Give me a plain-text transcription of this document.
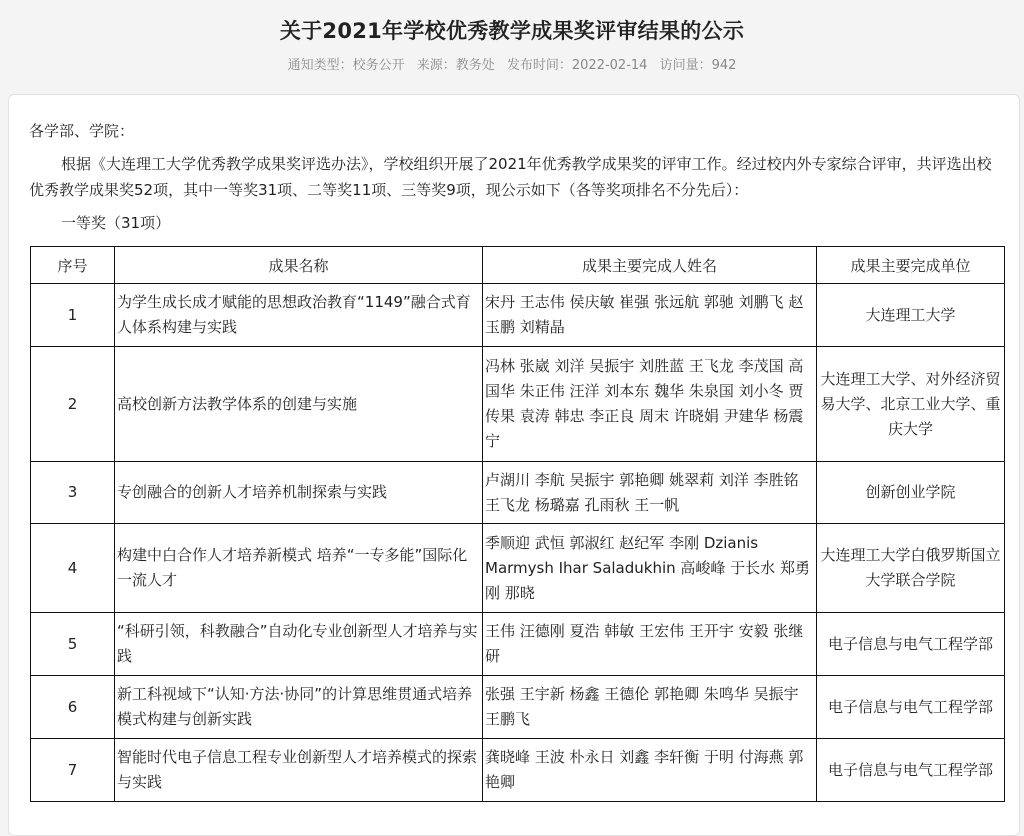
关于2021年学校优秀教学成果奖评审结果的公示
通知类型：校务公开 来源：教务处 发布时间：2022-02-14 访问量：942
各学部、学院：
根据《大连理工大学优秀教学成果奖评选办法》，学校组织开展了2021年优秀教学成果奖的评审工作。经过校内外专家综合评审，共评选出校优秀教学成果奖52项，其中一等奖31项、二等奖11项、三等奖9项，现公示如下（各等奖项排名不分先后）：
一等奖（31项）
序号	成果名称	成果主要完成人姓名	成果主要完成单位
1	为学生成长成才赋能的思想政治教育“1149”融合式育人体系构建与实践	宋丹 王志伟 侯庆敏 崔强 张远航 郭驰 刘鹏飞 赵玉鹏 刘精晶	大连理工大学
2	高校创新方法教学体系的创建与实施	冯林 张崴 刘洋 吴振宇 刘胜蓝 王飞龙 李茂国 高国华 朱正伟 汪洋 刘本东 魏华 朱泉国 刘小冬 贾传果 袁涛 韩忠 李正良 周末 许晓娟 尹建华 杨震宁	大连理工大学、对外经济贸易大学、北京工业大学、重庆大学
3	专创融合的创新人才培养机制探索与实践	卢湖川 李航 吴振宇 郭艳卿 姚翠莉 刘洋 李胜铭 王飞龙 杨璐嘉 孔雨秋 王一帆	创新创业学院
4	构建中白合作人才培养新模式 培养“一专多能”国际化一流人才	季顺迎 武恒 郭淑红 赵纪军 李刚 Dzianis Marmysh Ihar Saladukhin 高峻峰 于长水 郑勇刚 那晓	大连理工大学白俄罗斯国立大学联合学院
5	“科研引领，科教融合”自动化专业创新型人才培养与实践	王伟 汪德刚 夏浩 韩敏 王宏伟 王开宇 安毅 张继研	电子信息与电气工程学部
6	新工科视域下“认知·方法·协同”的计算思维贯通式培养模式构建与创新实践	张强 王宇新 杨鑫 王德伦 郭艳卿 朱鸣华 吴振宇 王鹏飞	电子信息与电气工程学部
7	智能时代电子信息工程专业创新型人才培养模式的探索与实践	龚晓峰 王波 朴永日 刘鑫 李轩衡 于明 付海燕 郭艳卿	电子信息与电气工程学部
